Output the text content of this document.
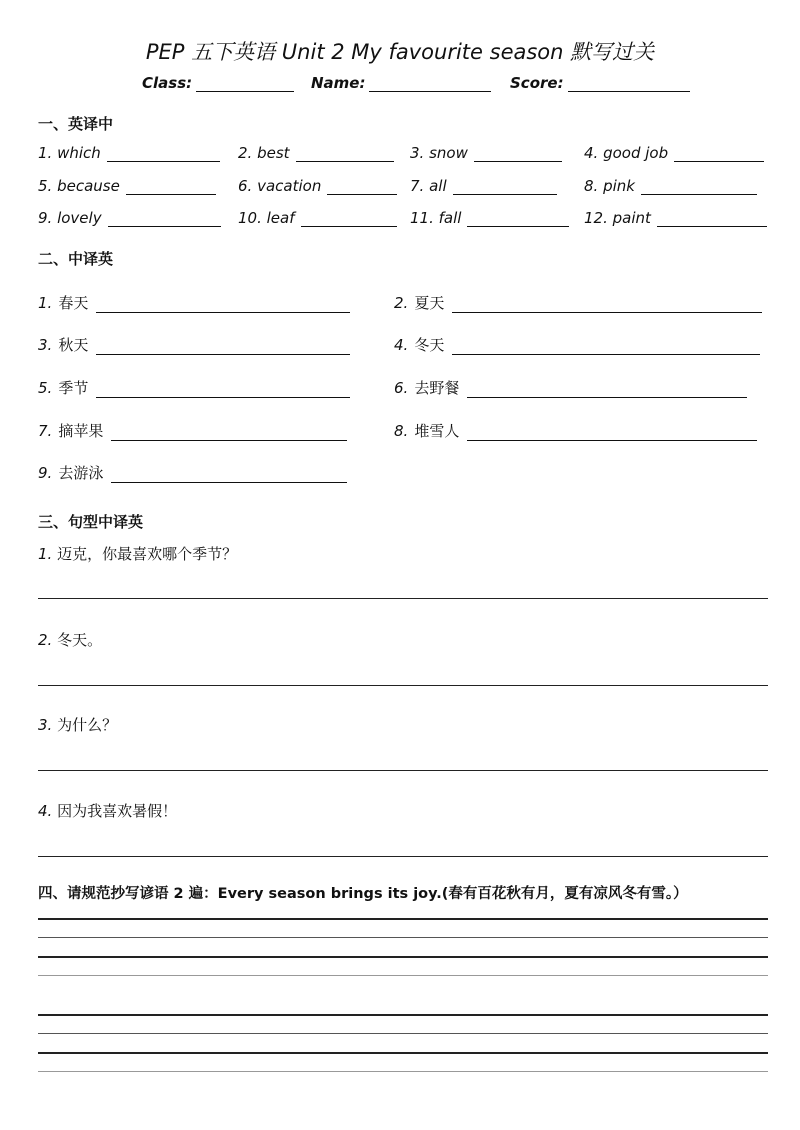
PEP 五下英语 Unit 2 My favourite season 默写过关
Class:	Name:	Score:
一、英译中
1. which	2. best	3. snow	4. good job
5. because	6. vacation	7. all	8. pink
9. lovely	10. leaf	11. fall	12. paint
二、中译英
1. 春天	2. 夏天
3. 秋天	4. 冬天
5. 季节	6. 去野餐
7. 摘苹果	8. 堆雪人
9. 去游泳
三、句型中译英
1. 迈克，你最喜欢哪个季节？
2. 冬天。
3. 为什么？
4. 因为我喜欢暑假！
四、请规范抄写谚语 2 遍：Every season brings its joy.(春有百花秋有月，夏有凉风冬有雪。）
